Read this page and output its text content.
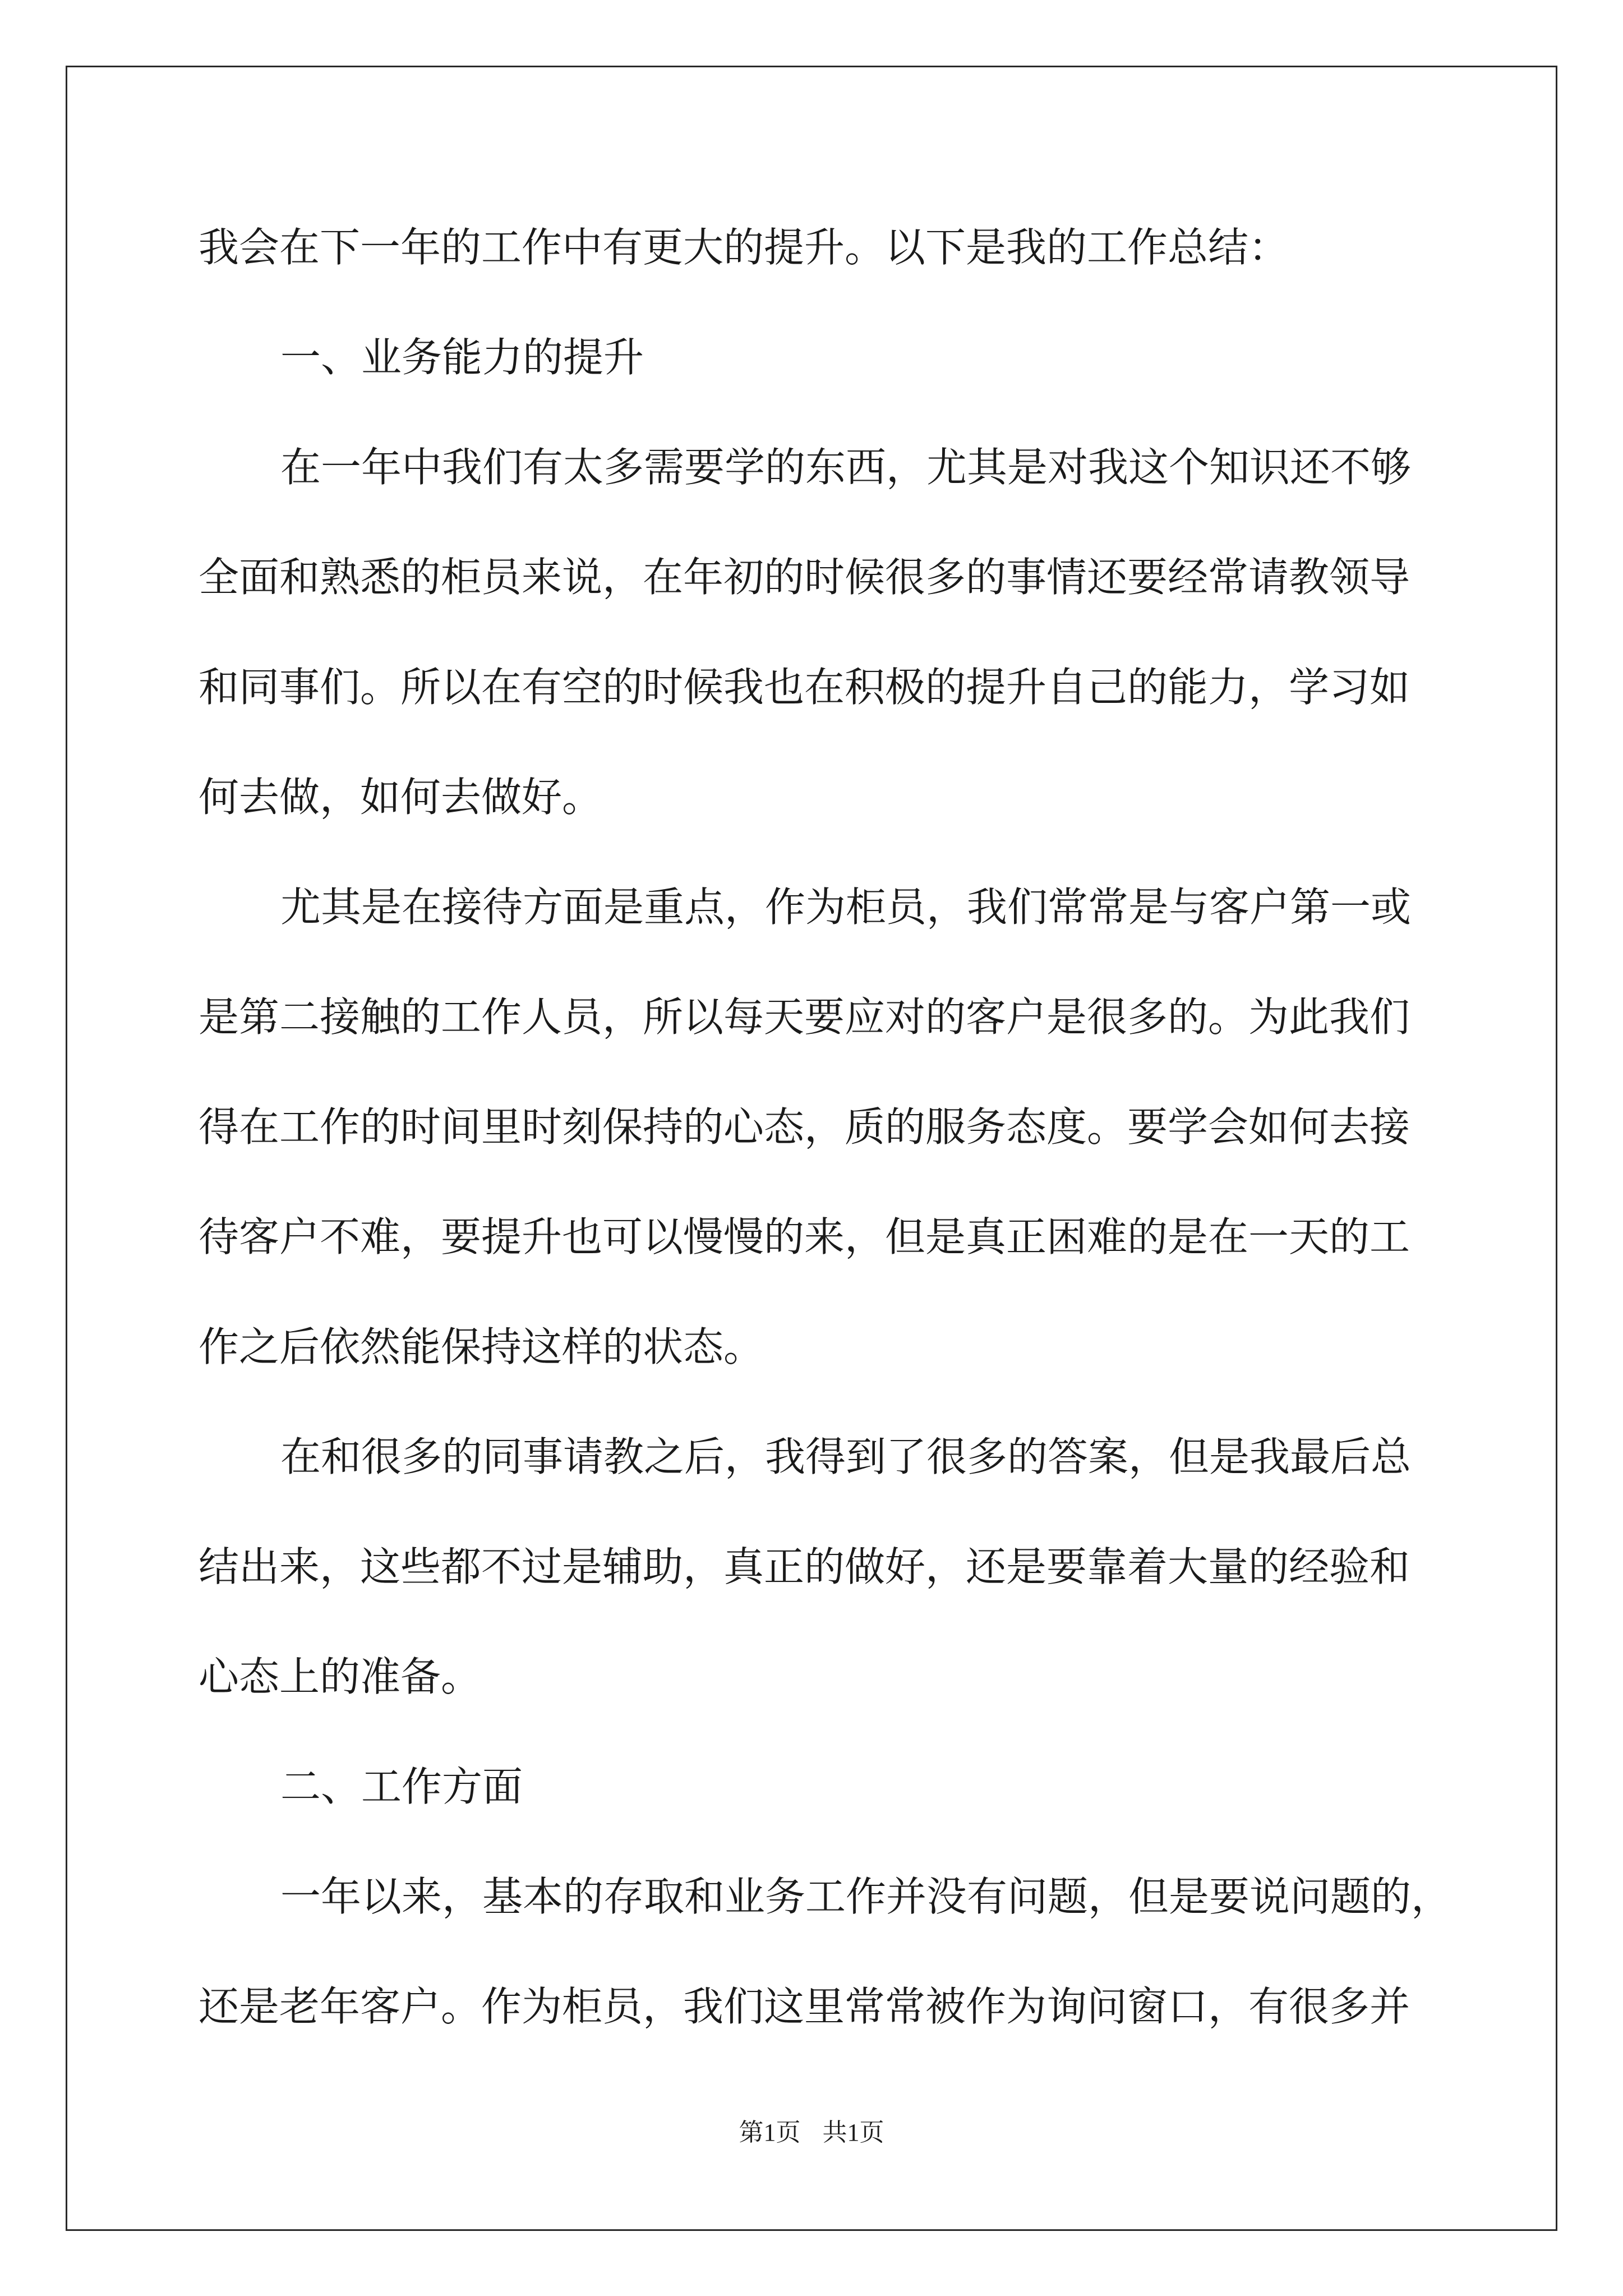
我会在下一年的工作中有更大的提升。以下是我的工作总结：
一、业务能力的提升
在一年中我们有太多需要学的东西，尤其是对我这个知识还不够
全面和熟悉的柜员来说，在年初的时候很多的事情还要经常请教领导
和同事们。所以在有空的时候我也在积极的提升自己的能力，学习如
何去做，如何去做好。
尤其是在接待方面是重点，作为柜员，我们常常是与客户第一或
是第二接触的工作人员，所以每天要应对的客户是很多的。为此我们
得在工作的时间里时刻保持的心态，质的服务态度。要学会如何去接
待客户不难，要提升也可以慢慢的来，但是真正困难的是在一天的工
作之后依然能保持这样的状态。
在和很多的同事请教之后，我得到了很多的答案，但是我最后总
结出来，这些都不过是辅助，真正的做好，还是要靠着大量的经验和
心态上的准备。
二、工作方面
一年以来，基本的存取和业务工作并没有问题，但是要说问题的，
还是老年客户。作为柜员，我们这里常常被作为询问窗口，有很多并
第1页 共1页
